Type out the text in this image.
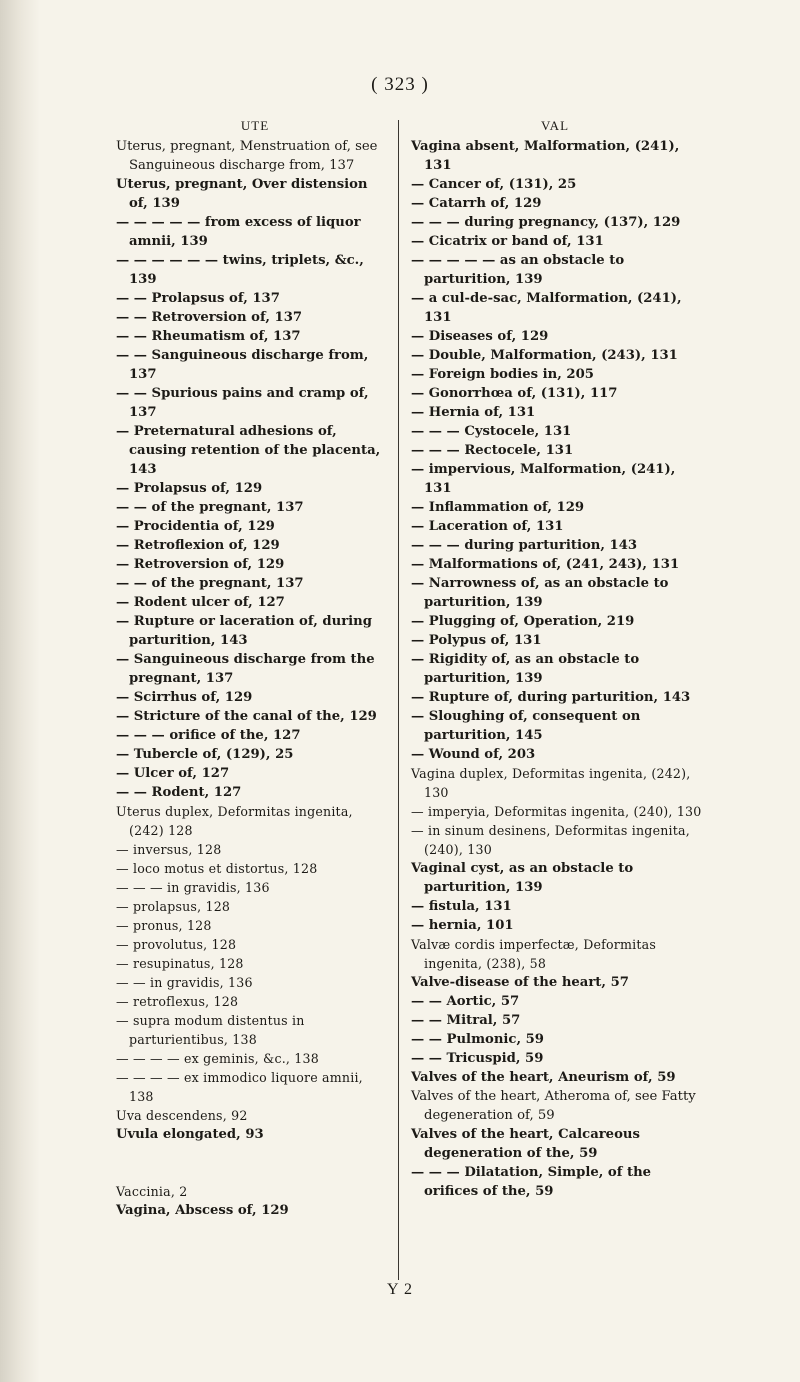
( 323 )
UTE	VAL
Uterus, pregnant, Menstruation of, see Sanguineous discharge from, 137
Uterus, pregnant, Over distension of, 139
— — — — — from excess of liquor amnii, 139
— — — — — — twins, triplets, &c., 139
— — Prolapsus of, 137
— — Retroversion of, 137
— — Rheumatism of, 137
— — Sanguineous discharge from, 137
— — Spurious pains and cramp of, 137
— Preternatural adhesions of, causing retention of the placenta, 143
— Prolapsus of, 129
— — of the pregnant, 137
— Procidentia of, 129
— Retroflexion of, 129
— Retroversion of, 129
— — of the pregnant, 137
— Rodent ulcer of, 127
— Rupture or laceration of, during parturition, 143
— Sanguineous discharge from the pregnant, 137
— Scirrhus of, 129
— Stricture of the canal of the, 129
— — — orifice of the, 127
— Tubercle of, (129), 25
— Ulcer of, 127
— — Rodent, 127
Uterus duplex, Deformitas ingenita, (242) 128
— inversus, 128
— loco motus et distortus, 128
— — — in gravidis, 136
— prolapsus, 128
— pronus, 128
— provolutus, 128
— resupinatus, 128
— — in gravidis, 136
— retroflexus, 128
— supra modum distentus in parturientibus, 138
— — — — ex geminis, &c., 138
— — — — ex immodico liquore amnii, 138
Uva descendens, 92
Uvula elongated, 93
Vaccinia, 2
Vagina, Abscess of, 129
Vagina absent, Malformation, (241), 131
— Cancer of, (131), 25
— Catarrh of, 129
— — — during pregnancy, (137), 129
— Cicatrix or band of, 131
— — — — — as an obstacle to parturition, 139
— a cul-de-sac, Malformation, (241), 131
— Diseases of, 129
— Double, Malformation, (243), 131
— Foreign bodies in, 205
— Gonorrhœa of, (131), 117
— Hernia of, 131
— — — Cystocele, 131
— — — Rectocele, 131
— impervious, Malformation, (241), 131
— Inflammation of, 129
— Laceration of, 131
— — — during parturition, 143
— Malformations of, (241, 243), 131
— Narrowness of, as an obstacle to parturition, 139
— Plugging of, Operation, 219
— Polypus of, 131
— Rigidity of, as an obstacle to parturition, 139
— Rupture of, during parturition, 143
— Sloughing of, consequent on parturition, 145
— Wound of, 203
Vagina duplex, Deformitas ingenita, (242), 130
— imperyia, Deformitas ingenita, (240), 130
— in sinum desinens, Deformitas ingenita, (240), 130
Vaginal cyst, as an obstacle to parturition, 139
— fistula, 131
— hernia, 101
Valvæ cordis imperfectæ, Deformitas ingenita, (238), 58
Valve-disease of the heart, 57
— — Aortic, 57
— — Mitral, 57
— — Pulmonic, 59
— — Tricuspid, 59
Valves of the heart, Aneurism of, 59
Valves of the heart, Atheroma of, see Fatty degeneration of, 59
Valves of the heart, Calcareous degeneration of the, 59
— — — Dilatation, Simple, of the orifices of the, 59
Y 2
